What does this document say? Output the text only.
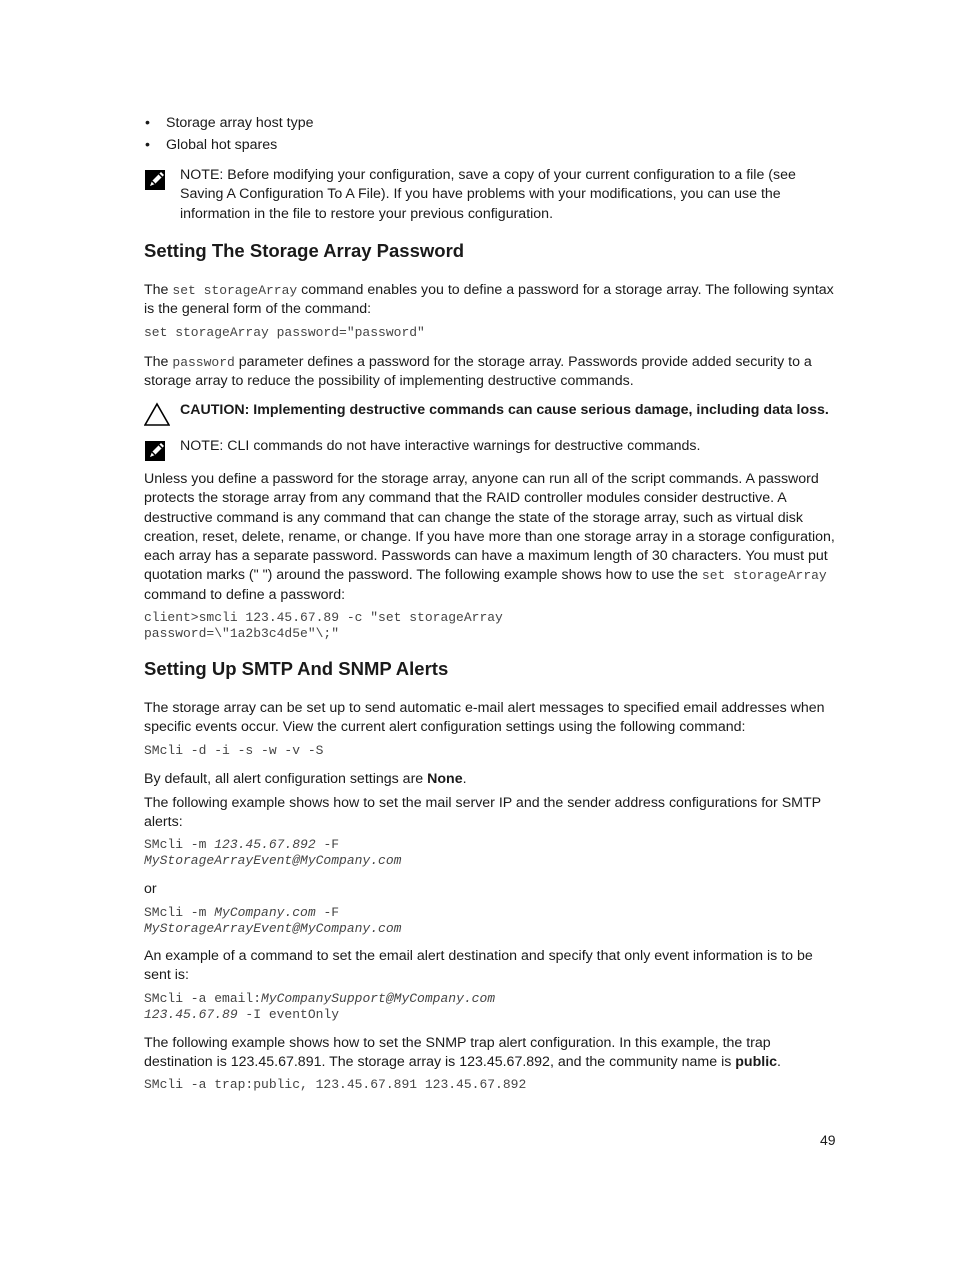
• Storage array host type
• Global hot spares

NOTE: Before modifying your configuration, save a copy of your current configuration to a file (see Saving A Configuration To A File). If you have problems with your modifications, you can use the information in the file to restore your previous configuration.

Setting The Storage Array Password

The set storageArray command enables you to define a password for a storage array. The following syntax is the general form of the command:

set storageArray password="password"

The password parameter defines a password for the storage array. Passwords provide added security to a storage array to reduce the possibility of implementing destructive commands.

CAUTION: Implementing destructive commands can cause serious damage, including data loss.

NOTE: CLI commands do not have interactive warnings for destructive commands.

Unless you define a password for the storage array, anyone can run all of the script commands. A password protects the storage array from any command that the RAID controller modules consider destructive. A destructive command is any command that can change the state of the storage array, such as virtual disk creation, reset, delete, rename, or change. If you have more than one storage array in a storage configuration, each array has a separate password. Passwords can have a maximum length of 30 characters. You must put quotation marks (" ") around the password. The following example shows how to use the set storageArray command to define a password:

client>smcli 123.45.67.89 -c "set storageArray
password=\"1a2b3c4d5e"\;"
Setting Up SMTP And SNMP Alerts

The storage array can be set up to send automatic e-mail alert messages to specified email addresses when specific events occur. View the current alert configuration settings using the following command:

SMcli -d -i -s -w -v -S

By default, all alert configuration settings are None.

The following example shows how to set the mail server IP and the sender address configurations for SMTP alerts:

SMcli -m 123.45.67.892 -F
MyStorageArrayEvent@MyCompany.com

or

SMcli -m MyCompany.com -F
MyStorageArrayEvent@MyCompany.com

An example of a command to set the email alert destination and specify that only event information is to be sent is:

SMcli -a email:MyCompanySupport@MyCompany.com
123.45.67.89 -I eventOnly

The following example shows how to set the SNMP trap alert configuration. In this example, the trap destination is 123.45.67.891. The storage array is 123.45.67.892, and the community name is public.

SMcli -a trap:public, 123.45.67.891 123.45.67.892
49
